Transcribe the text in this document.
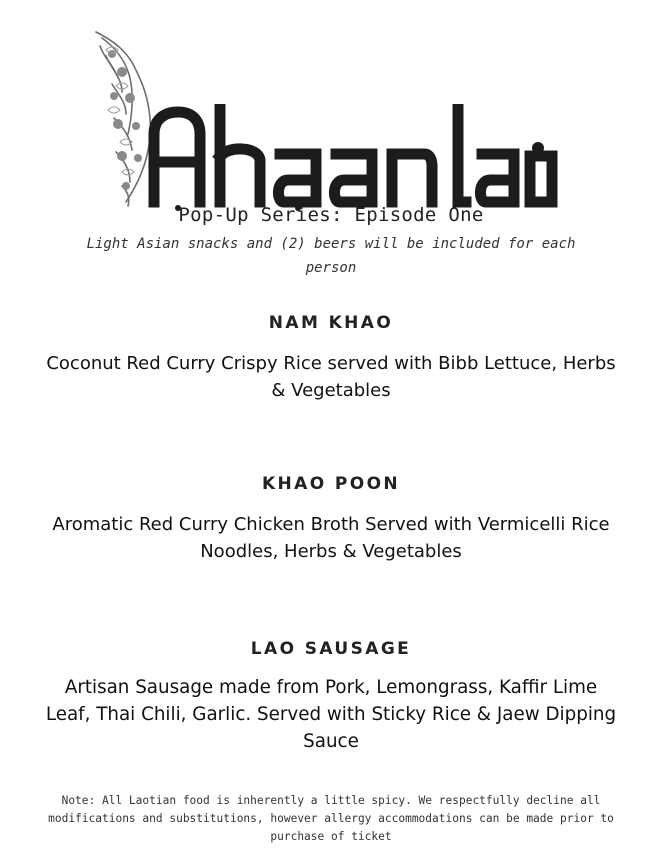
Pop-Up Series: Episode One
Light Asian snacks and (2) beers will be included for each person
NAM KHAO

Coconut Red Curry Crispy Rice served with Bibb Lettuce, Herbs & Vegetables

KHAO POON

Aromatic Red Curry Chicken Broth Served with Vermicelli Rice Noodles, Herbs & Vegetables

LAO SAUSAGE

Artisan Sausage made from Pork, Lemongrass, Kaffir Lime Leaf, Thai Chili, Garlic. Served with Sticky Rice & Jaew Dipping Sauce

Note: All Laotian food is inherently a little spicy. We respectfully decline all modifications and substitutions, however allergy accommodations can be made prior to purchase of ticket
